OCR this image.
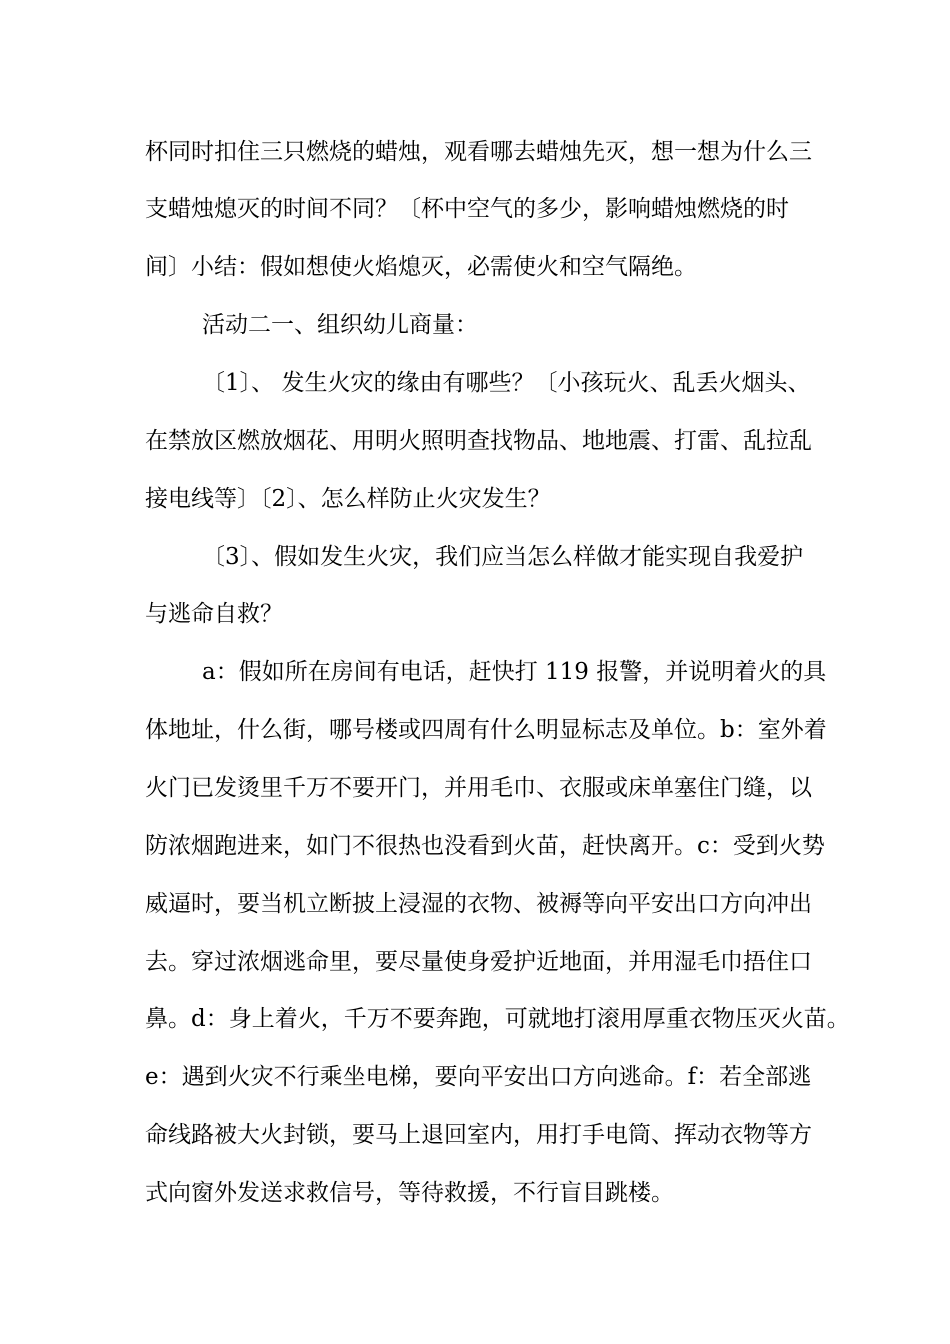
杯同时扣住三只燃烧的蜡烛，观看哪去蜡烛先灭，想一想为什么三
支蜡烛熄灭的时间不同？〔杯中空气的多少，影响蜡烛燃烧的时
间〕小结：假如想使火焰熄灭，必需使火和空气隔绝。
活动二一、组织幼儿商量：
〔1〕、 发生火灾的缘由有哪些？〔小孩玩火、乱丢火烟头、
在禁放区燃放烟花、用明火照明查找物品、地地震、打雷、乱拉乱
接电线等〕〔2〕、怎么样防止火灾发生？
〔3〕、假如发生火灾，我们应当怎么样做才能实现自我爱护
与逃命自救？
a：假如所在房间有电话，赶快打 119 报警，并说明着火的具
体地址，什么街，哪号楼或四周有什么明显标志及单位。b：室外着
火门已发烫里千万不要开门，并用毛巾、衣服或床单塞住门缝，以
防浓烟跑进来，如门不很热也没看到火苗，赶快离开。c：受到火势
威逼时，要当机立断披上浸湿的衣物、被褥等向平安出口方向冲出
去。穿过浓烟逃命里，要尽量使身爱护近地面，并用湿毛巾捂住口
鼻。d：身上着火，千万不要奔跑，可就地打滚用厚重衣物压灭火苗。
e：遇到火灾不行乘坐电梯，要向平安出口方向逃命。f：若全部逃
命线路被大火封锁，要马上退回室内，用打手电筒、挥动衣物等方
式向窗外发送求救信号，等待救援，不行盲目跳楼。
